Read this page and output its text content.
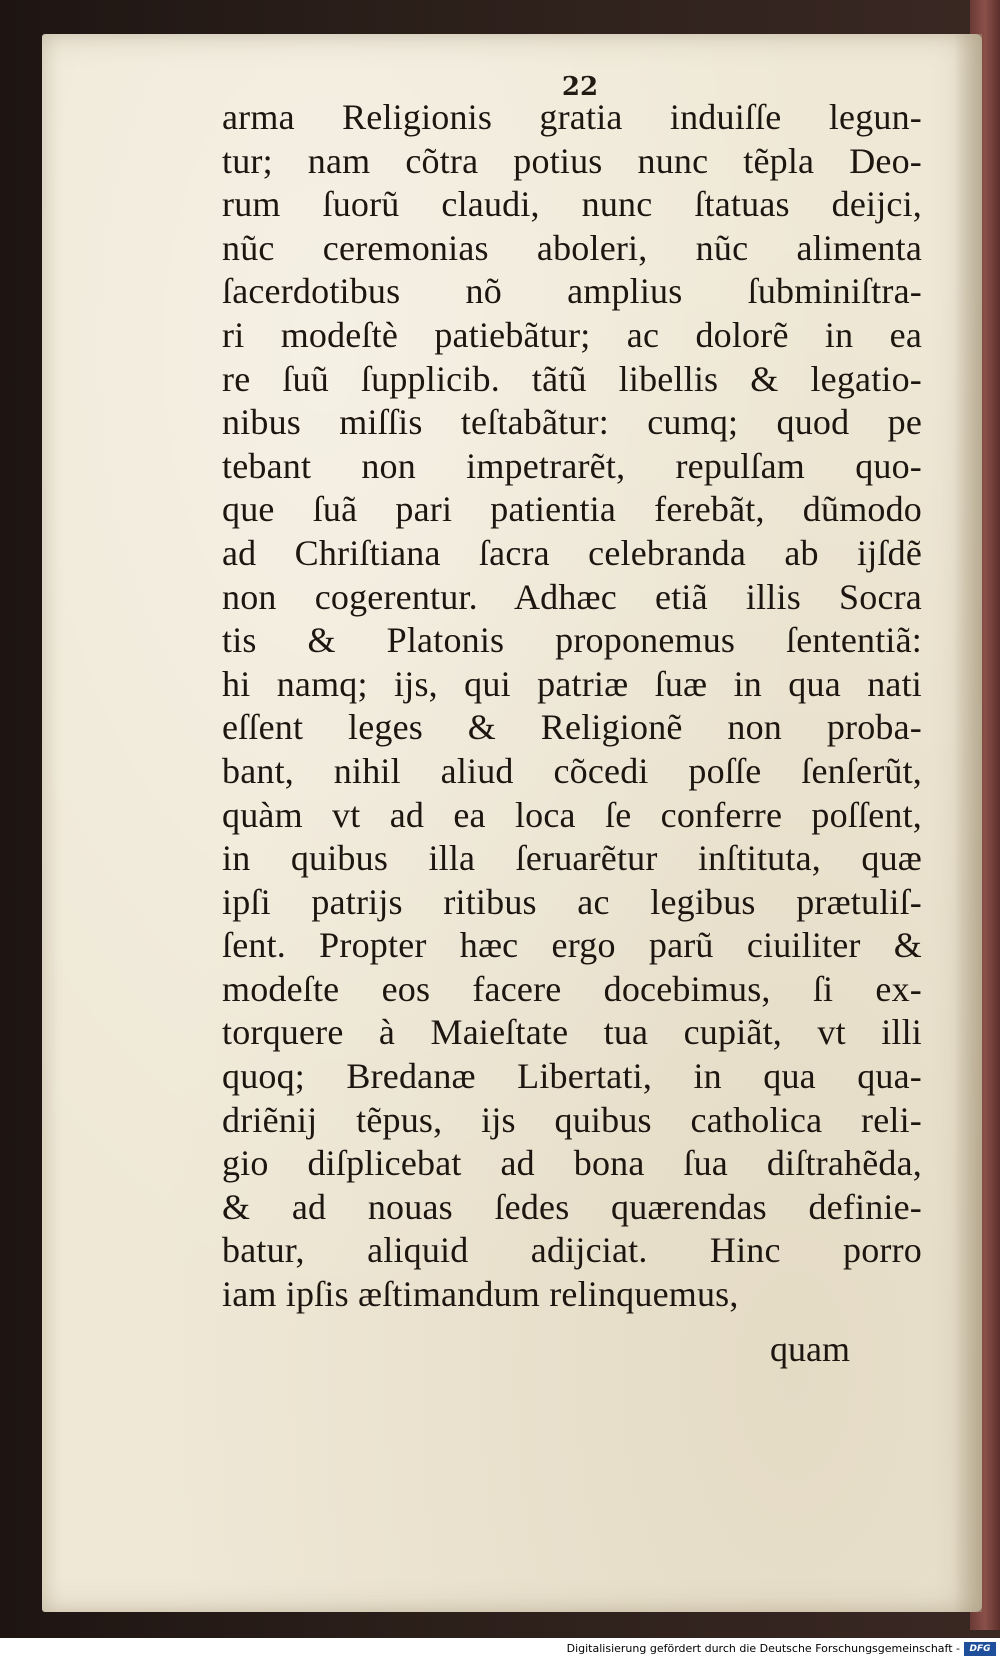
22
arma Religionis gratia induiſſe legun-
tur; nam cõtra potius nunc tẽpla Deo-
rum ſuorũ claudi, nunc ſtatuas deijci,
nũc ceremonias aboleri, nũc alimenta
ſacerdotibus nõ amplius ſubminiſtra-
ri modeſtè patiebãtur; ac dolorẽ in ea
re ſuũ ſupplicib. tãtũ libellis & legatio-
nibus miſſis teſtabãtur: cumq; quod pe
tebant non impetrarẽt, repulſam quo-
que ſuã pari patientia ferebãt, dũmodo
ad Chriſtiana ſacra celebranda ab ijſdẽ
non cogerentur. Adhæc etiã illis Socra
tis & Platonis proponemus ſententiã:
hi namq; ijs, qui patriæ ſuæ in qua nati
eſſent leges & Religionẽ non proba-
bant, nihil aliud cõcedi poſſe ſenſerũt,
quàm vt ad ea loca ſe conferre poſſent,
in quibus illa ſeruarẽtur inſtituta, quæ
ipſi patrijs ritibus ac legibus prætuliſ-
ſent. Propter hæc ergo parũ ciuiliter &
modeſte eos facere docebimus, ſi ex-
torquere à Maieſtate tua cupiãt, vt illi
quoq; Bredanæ Libertati, in qua qua-
driẽnij tẽpus, ijs quibus catholica reli-
gio diſplicebat ad bona ſua diſtrahẽda,
& ad nouas ſedes quærendas definie-
batur, aliquid adijciat. Hinc porro
iam ipſis æſtimandum relinquemus,
quam
Digitalisierung gefördert durch die Deutsche Forschungsgemeinschaft -	DFG
